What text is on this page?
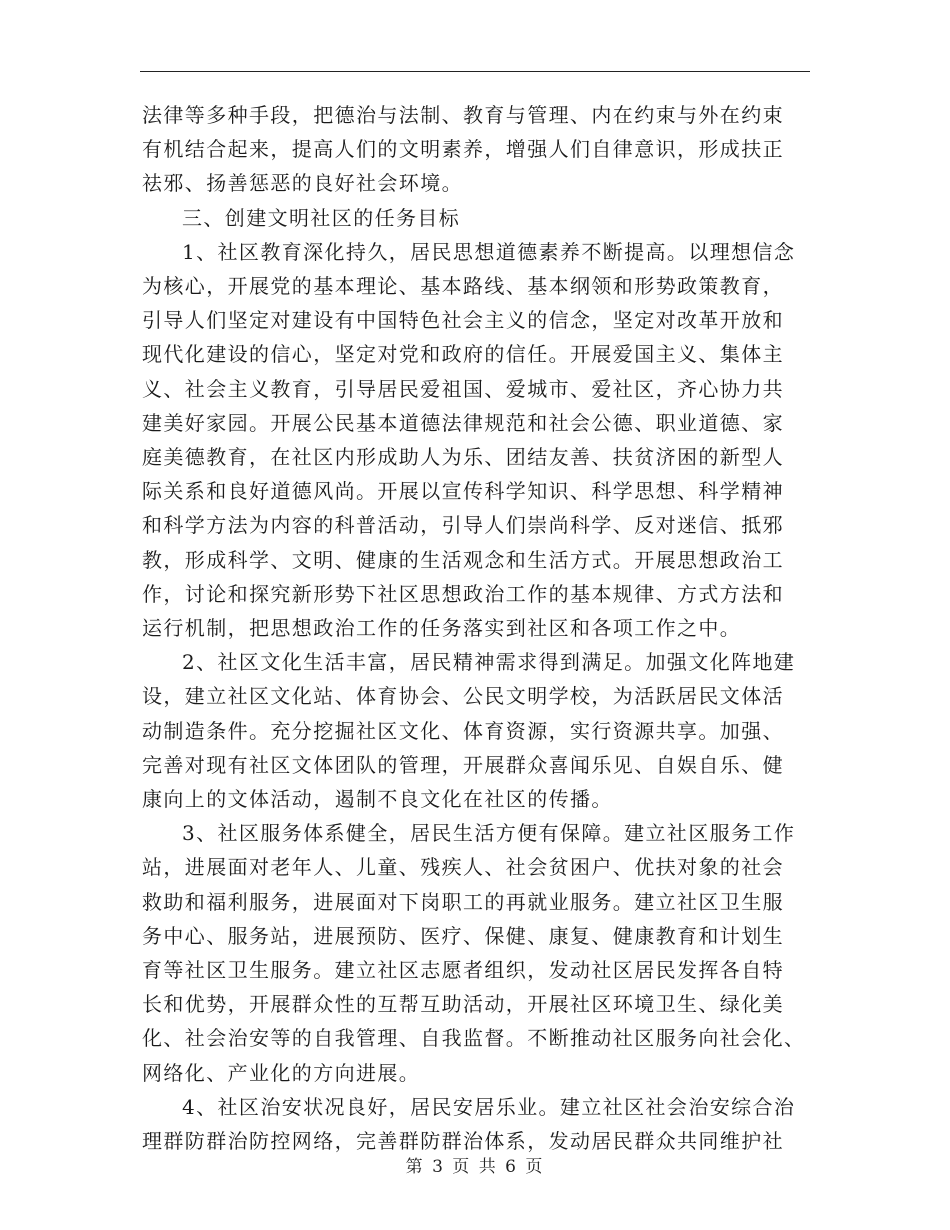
法律等多种手段，把德治与法制、教育与管理、内在约束与外在约束
有机结合起来，提高人们的文明素养，增强人们自律意识，形成扶正
祛邪、扬善惩恶的良好社会环境。

三、创建文明社区的任务目标

1、社区教育深化持久，居民思想道德素养不断提高。以理想信念
为核心，开展党的基本理论、基本路线、基本纲领和形势政策教育，
引导人们坚定对建设有中国特色社会主义的信念，坚定对改革开放和
现代化建设的信心，坚定对党和政府的信任。开展爱国主义、集体主
义、社会主义教育，引导居民爱祖国、爱城市、爱社区，齐心协力共
建美好家园。开展公民基本道德法律规范和社会公德、职业道德、家
庭美德教育，在社区内形成助人为乐、团结友善、扶贫济困的新型人
际关系和良好道德风尚。开展以宣传科学知识、科学思想、科学精神
和科学方法为内容的科普活动，引导人们崇尚科学、反对迷信、抵邪
教，形成科学、文明、健康的生活观念和生活方式。开展思想政治工
作，讨论和探究新形势下社区思想政治工作的基本规律、方式方法和
运行机制，把思想政治工作的任务落实到社区和各项工作之中。

2、社区文化生活丰富，居民精神需求得到满足。加强文化阵地建
设，建立社区文化站、体育协会、公民文明学校，为活跃居民文体活
动制造条件。充分挖掘社区文化、体育资源，实行资源共享。加强、
完善对现有社区文体团队的管理，开展群众喜闻乐见、自娱自乐、健
康向上的文体活动，遏制不良文化在社区的传播。

3、社区服务体系健全，居民生活方便有保障。建立社区服务工作
站，进展面对老年人、儿童、残疾人、社会贫困户、优扶对象的社会
救助和福利服务，进展面对下岗职工的再就业服务。建立社区卫生服
务中心、服务站，进展预防、医疗、保健、康复、健康教育和计划生
育等社区卫生服务。建立社区志愿者组织，发动社区居民发挥各自特
长和优势，开展群众性的互帮互助活动，开展社区环境卫生、绿化美
化、社会治安等的自我管理、自我监督。不断推动社区服务向社会化、
网络化、产业化的方向进展。

4、社区治安状况良好，居民安居乐业。建立社区社会治安综合治
理群防群治防控网络，完善群防群治体系，发动居民群众共同维护社

第 3 页 共 6 页
